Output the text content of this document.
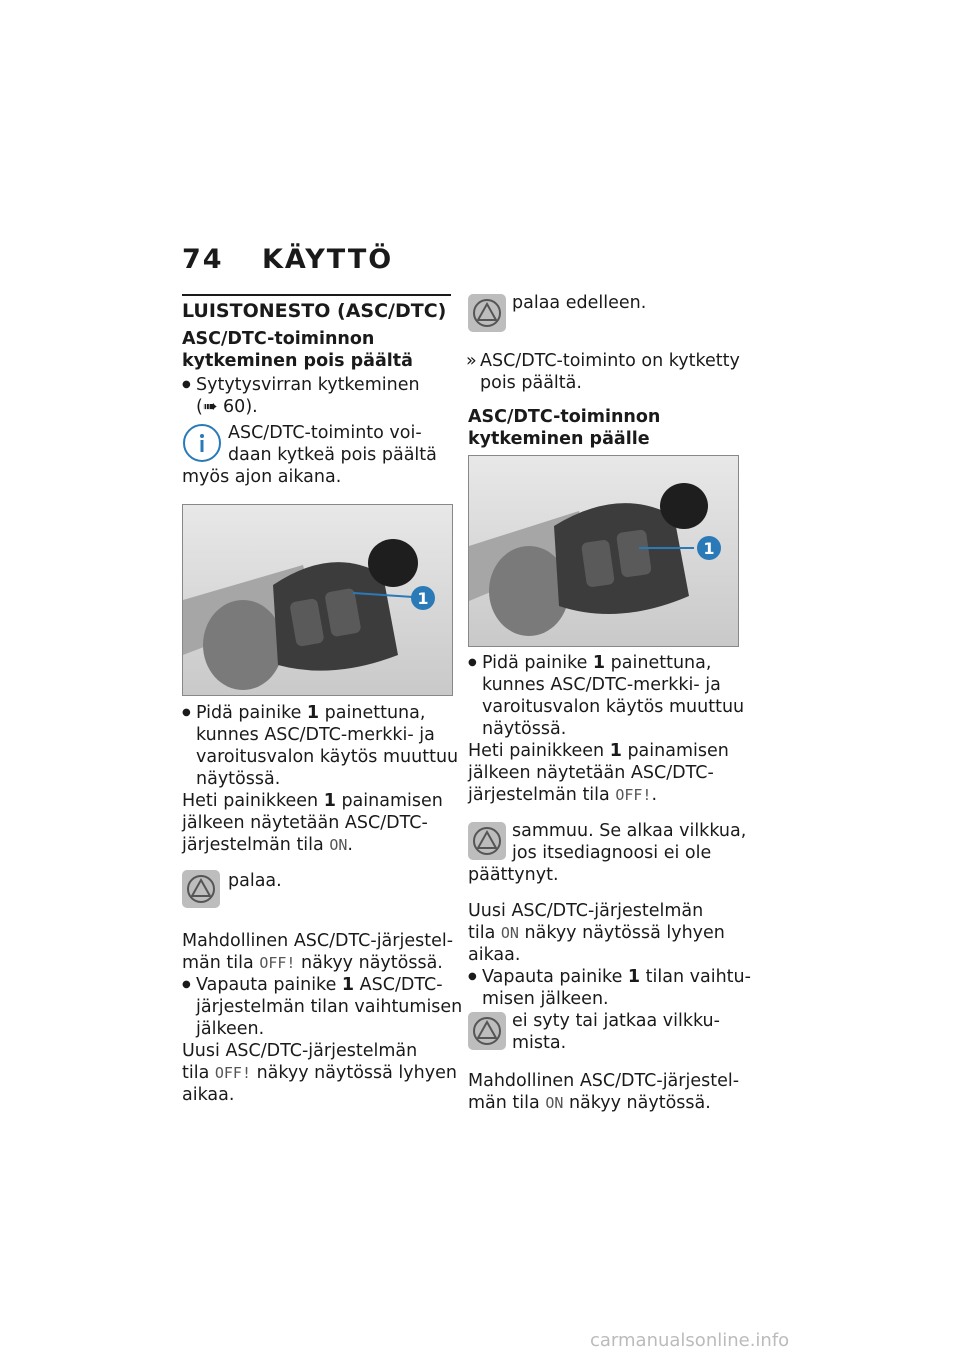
74 KÄYTTÖ
LUISTONESTO (ASC/DTC)
ASC/DTC-toiminnon
kytkeminen pois päältä
● Sytytysvirran kytkeminen
(➠ 60).
ASC/DTC-toiminto voi-
daan kytkeä pois päältä
myös ajon aikana.
1
● Pidä painike 1 painettuna,
kunnes ASC/DTC-merkki- ja
varoitusvalon käytös muuttuu
näytössä.
Heti painikkeen 1 painamisen
jälkeen näytetään ASC/DTC-
järjestelmän tila ON.
palaa.
Mahdollinen ASC/DTC-järjestel-
män tila OFF! näkyy näytössä.
● Vapauta painike 1 ASC/DTC-
järjestelmän tilan vaihtumisen
jälkeen.
Uusi ASC/DTC-järjestelmän
tila OFF! näkyy näytössä lyhyen
aikaa.
palaa edelleen.
» ASC/DTC-toiminto on kytketty
pois päältä.
ASC/DTC-toiminnon
kytkeminen päälle
1
● Pidä painike 1 painettuna,
kunnes ASC/DTC-merkki- ja
varoitusvalon käytös muuttuu
näytössä.
Heti painikkeen 1 painamisen
jälkeen näytetään ASC/DTC-
järjestelmän tila OFF!.
sammuu. Se alkaa vilkkua,
jos itsediagnoosi ei ole
päättynyt.
Uusi ASC/DTC-järjestelmän
tila ON näkyy näytössä lyhyen
aikaa.
● Vapauta painike 1 tilan vaihtu-
misen jälkeen.
ei syty tai jatkaa vilkku-
mista.
Mahdollinen ASC/DTC-järjestel-
män tila ON näkyy näytössä.
carmanualsonline.info
